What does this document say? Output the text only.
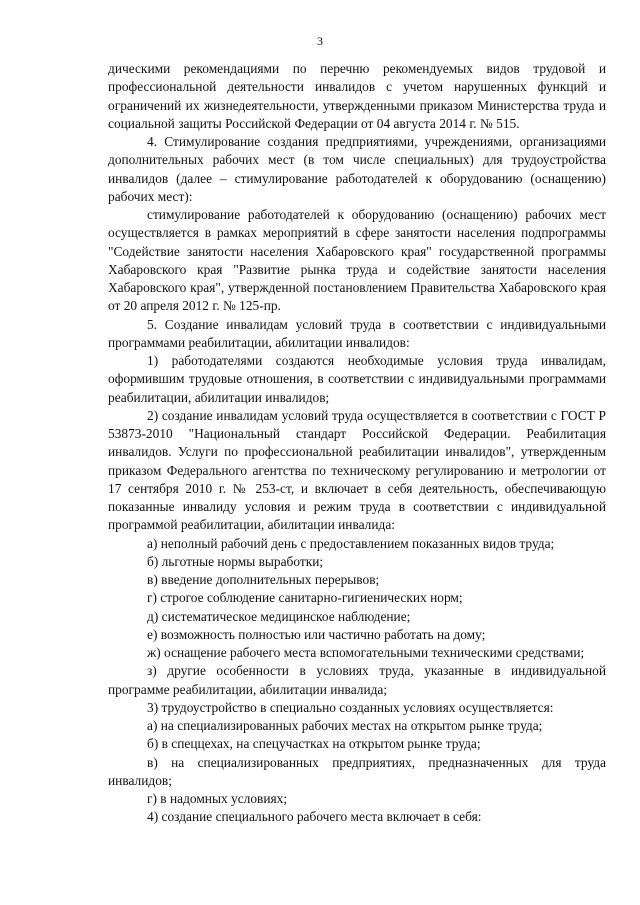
3

дическими рекомендациями по перечню рекомендуемых видов трудовой и профессиональной деятельности инвалидов с учетом нарушенных функций и ограничений их жизнедеятельности, утвержденными приказом Министерства труда и социальной защиты Российской Федерации от 04 августа 2014 г. № 515.

4. Стимулирование создания предприятиями, учреждениями, организациями дополнительных рабочих мест (в том числе специальных) для трудоустройства инвалидов (далее – стимулирование работодателей к оборудованию (оснащению) рабочих мест):

стимулирование работодателей к оборудованию (оснащению) рабочих мест осуществляется в рамках мероприятий в сфере занятости населения подпрограммы "Содействие занятости населения Хабаровского края" государственной программы Хабаровского края "Развитие рынка труда и содействие занятости населения Хабаровского края", утвержденной постановлением Правительства Хабаровского края от 20 апреля 2012 г. № 125-пр.

5. Создание инвалидам условий труда в соответствии с индивидуальными программами реабилитации, абилитации инвалидов:

1) работодателями создаются необходимые условия труда инвалидам, оформившим трудовые отношения, в соответствии с индивидуальными программами реабилитации, абилитации инвалидов;

2) создание инвалидам условий труда осуществляется в соответствии с ГОСТ Р 53873-2010 "Национальный стандарт Российской Федерации. Реабилитация инвалидов. Услуги по профессиональной реабилитации инвалидов", утвержденным приказом Федерального агентства по техническому регулированию и метрологии от 17 сентября 2010 г. № 253-ст, и включает в себя деятельность, обеспечивающую показанные инвалиду условия и режим труда в соответствии с индивидуальной программой реабилитации, абилитации инвалида:

а) неполный рабочий день с предоставлением показанных видов труда;

б) льготные нормы выработки;

в) введение дополнительных перерывов;

г) строгое соблюдение санитарно-гигиенических норм;

д) систематическое медицинское наблюдение;

е) возможность полностью или частично работать на дому;

ж) оснащение рабочего места вспомогательными техническими средствами;

з) другие особенности в условиях труда, указанные в индивидуальной программе реабилитации, абилитации инвалида;

3) трудоустройство в специально созданных условиях осуществляется:

а) на специализированных рабочих местах на открытом рынке труда;

б) в спеццехах, на спецучастках на открытом рынке труда;

в) на специализированных предприятиях, предназначенных для труда инвалидов;

г) в надомных условиях;

4) создание специального рабочего места включает в себя:
